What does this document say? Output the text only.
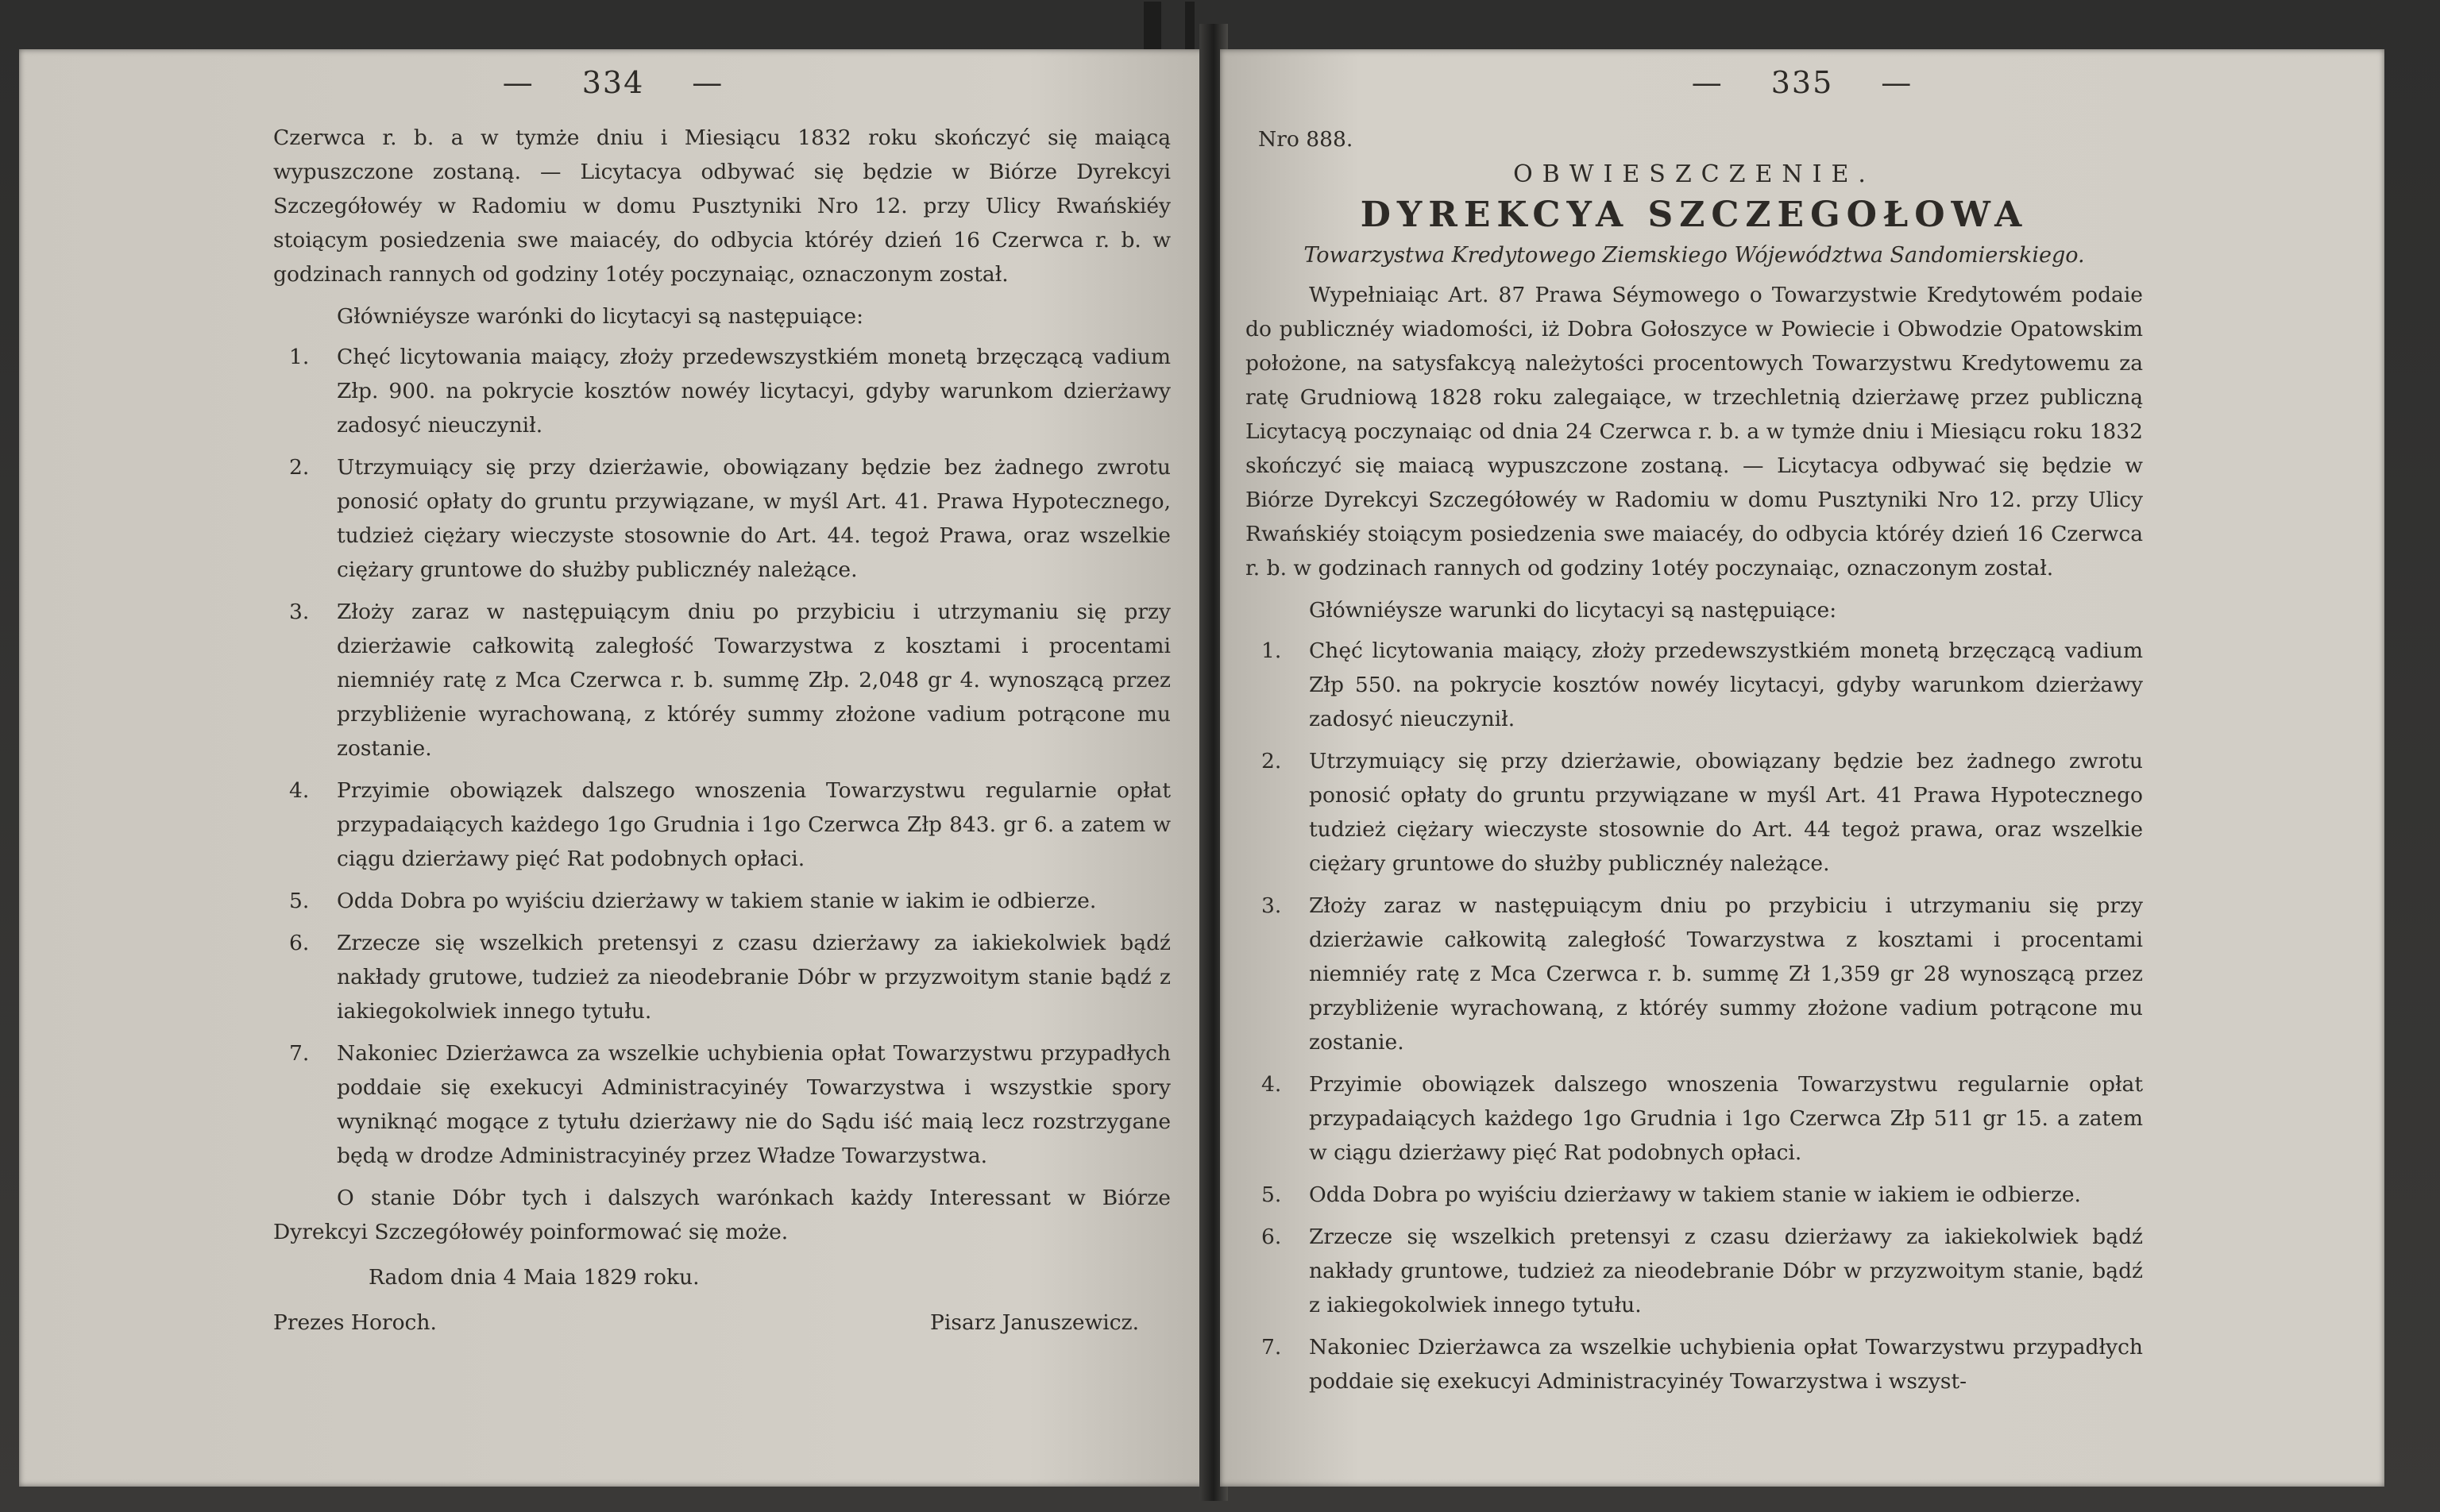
— 334 —

Czerwca r. b. a w tymże dniu i Miesiącu 1832 roku skończyć się maiącą wypuszczone zostaną. — Licytacya odbywać się będzie w Biórze Dyrekcyi Szczegółowéy w Radomiu w domu Pusztyniki Nro 12. przy Ulicy Rwańskiéy stoiącym posiedzenia swe maiacéy, do odbycia któréy dzień 16 Czerwca r. b. w godzinach rannych od godziny 1otéy poczynaiąc, oznaczonym został.

Główniéysze warónki do licytacyi są następuiące:

1.	Chęć licytowania maiący, złoży przedewszystkiém monetą brzęczącą vadium Złp. 900. na pokrycie kosztów nowéy licytacyi, gdyby warunkom dzierżawy zadosyć nieuczynił.
2.	Utrzymuiący się przy dzierżawie, obowiązany będzie bez żadnego zwrotu ponosić opłaty do gruntu przywiązane, w myśl Art. 41. Prawa Hypotecznego, tudzież ciężary wieczyste stosownie do Art. 44. tegoż Prawa, oraz wszelkie ciężary gruntowe do służby publicznéy należące.
3.	Złoży zaraz w następuiącym dniu po przybiciu i utrzymaniu się przy dzierżawie całkowitą zaległość Towarzystwa z kosztami i procentami niemniéy ratę z Mca Czerwca r. b. summę Złp. 2,048 gr 4. wynoszącą przez przybliżenie wyrachowaną, z któréy summy złożone vadium potrącone mu zostanie.
4.	Przyimie obowiązek dalszego wnoszenia Towarzystwu regularnie opłat przypadaiących każdego 1go Grudnia i 1go Czerwca Złp 843. gr 6. a zatem w ciągu dzierżawy pięć Rat podobnych opłaci.
5.	Odda Dobra po wyiściu dzierżawy w takiem stanie w iakim ie odbierze.
6.	Zrzecze się wszelkich pretensyi z czasu dzierżawy za iakiekolwiek bądź nakłady grutowe, tudzież za nieodebranie Dóbr w przyzwoitym stanie bądź z iakiegokolwiek innego tytułu.
7.	Nakoniec Dzierżawca za wszelkie uchybienia opłat Towarzystwu przypadłych poddaie się exekucyi Administracyinéy Towarzystwa i wszystkie spory wyniknąć mogące z tytułu dzierżawy nie do Sądu iść maią lecz rozstrzygane będą w drodze Administracyinéy przez Władze Towarzystwa.

O stanie Dóbr tych i dalszych warónkach każdy Interessant w Biórze Dyrekcyi Szczegółowéy poinformować się może.

Radom dnia 4 Maia 1829 roku.

Prezes Horoch.	Pisarz Januszewicz.
— 335 —
Nro 888.
OBWIESZCZENIE.
DYREKCYA SZCZEGOŁOWA
Towarzystwa Kredytowego Ziemskiego Wójewództwa Sandomierskiego.

Wypełniaiąc Art. 87 Prawa Séymowego o Towarzystwie Kredytowém podaie do publicznéy wiadomości, iż Dobra Gołoszyce w Powiecie i Obwodzie Opatowskim położone, na satysfakcyą należytości procentowych Towarzystwu Kredytowemu za ratę Grudniową 1828 roku zalegaiące, w trzechletnią dzierżawę przez publiczną Licytacyą poczynaiąc od dnia 24 Czerwca r. b. a w tymże dniu i Miesiącu roku 1832 skończyć się maiacą wypuszczone zostaną. — Licytacya odbywać się będzie w Biórze Dyrekcyi Szczegółowéy w Radomiu w domu Pusztyniki Nro 12. przy Ulicy Rwańskiéy stoiącym posiedzenia swe maiacéy, do odbycia któréy dzień 16 Czerwca r. b. w godzinach rannych od godziny 1otéy poczynaiąc, oznaczonym został.

Główniéysze warunki do licytacyi są następuiące:

1.	Chęć licytowania maiący, złoży przedewszystkiém monetą brzęczącą vadium Złp 550. na pokrycie kosztów nowéy licytacyi, gdyby warunkom dzierżawy zadosyć nieuczynił.
2.	Utrzymuiący się przy dzierżawie, obowiązany będzie bez żadnego zwrotu ponosić opłaty do gruntu przywiązane w myśl Art. 41 Prawa Hypotecznego tudzież ciężary wieczyste stosownie do Art. 44 tegoż prawa, oraz wszelkie ciężary gruntowe do służby publicznéy należące.
3.	Złoży zaraz w następuiącym dniu po przybiciu i utrzymaniu się przy dzierżawie całkowitą zaległość Towarzystwa z kosztami i procentami niemniéy ratę z Mca Czerwca r. b. summę Zł 1,359 gr 28 wynoszącą przez przybliżenie wyrachowaną, z któréy summy złożone vadium potrącone mu zostanie.
4.	Przyimie obowiązek dalszego wnoszenia Towarzystwu regularnie opłat przypadaiących każdego 1go Grudnia i 1go Czerwca Złp 511 gr 15. a zatem w ciągu dzierżawy pięć Rat podobnych opłaci.
5.	Odda Dobra po wyiściu dzierżawy w takiem stanie w iakiem ie odbierze.
6.	Zrzecze się wszelkich pretensyi z czasu dzierżawy za iakiekolwiek bądź nakłady gruntowe, tudzież za nieodebranie Dóbr w przyzwoitym stanie, bądź z iakiegokolwiek innego tytułu.
7.	Nakoniec Dzierżawca za wszelkie uchybienia opłat Towarzystwu przypadłych poddaie się exekucyi Administracyinéy Towarzystwa i wszyst-
